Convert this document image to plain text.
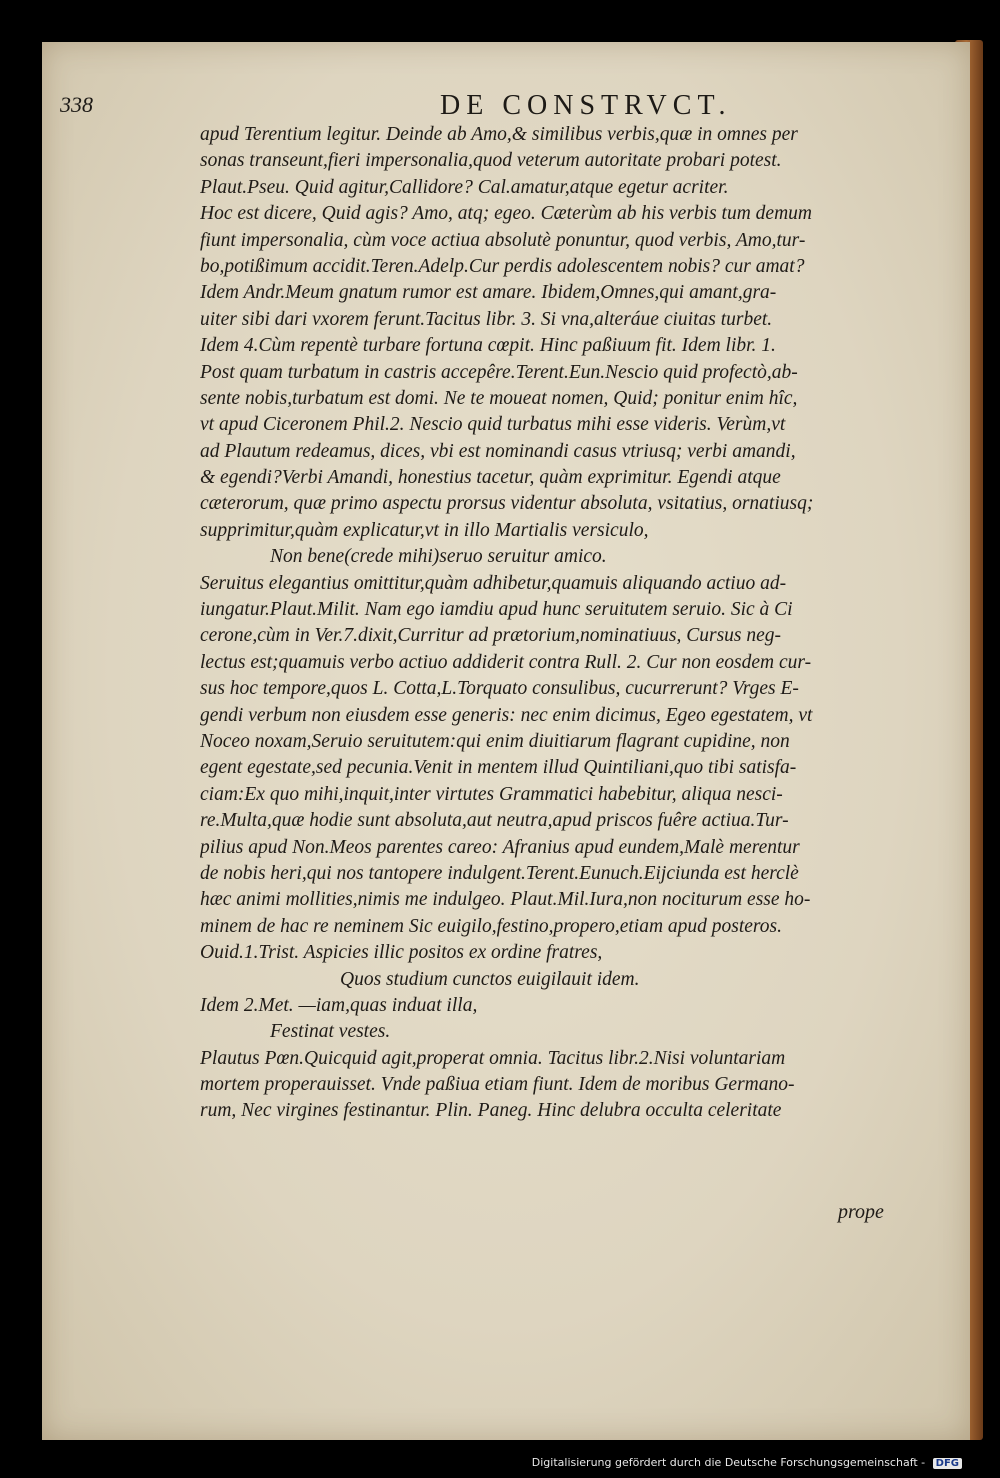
338	DE CONSTRVCT.
apud Terentium legitur. Deinde ab Amo,& similibus verbis,quæ in omnes per
sonas transeunt,fieri impersonalia,quod veterum autoritate probari potest.
Plaut.Pseu. Quid agitur,Callidore? Cal.amatur,atque egetur acriter.
Hoc est dicere, Quid agis? Amo, atq; egeo. Cæterùm ab his verbis tum demum
fiunt impersonalia, cùm voce actiua absolutè ponuntur, quod verbis, Amo,tur-
bo,potißimum accidit.Teren.Adelp.Cur perdis adolescentem nobis? cur amat?
Idem Andr.Meum gnatum rumor est amare. Ibidem,Omnes,qui amant,gra-
uiter sibi dari vxorem ferunt.Tacitus libr. 3. Si vna,alteráue ciuitas turbet.
Idem 4.Cùm repentè turbare fortuna cœpit. Hinc paßiuum fit. Idem libr. 1.
Post quam turbatum in castris accepêre.Terent.Eun.Nescio quid profectò,ab-
sente nobis,turbatum est domi. Ne te moueat nomen, Quid; ponitur enim hîc,
vt apud Ciceronem Phil.2. Nescio quid turbatus mihi esse videris. Verùm,vt
ad Plautum redeamus, dices, vbi est nominandi casus vtriusq; verbi amandi,
& egendi?Verbi Amandi, honestius tacetur, quàm exprimitur. Egendi atque
cæterorum, quæ primo aspectu prorsus videntur absoluta, vsitatius, ornatiusq;
supprimitur,quàm explicatur,vt in illo Martialis versiculo,
Non bene(crede mihi)seruo seruitur amico.
Seruitus elegantius omittitur,quàm adhibetur,quamuis aliquando actiuo ad-
iungatur.Plaut.Milit. Nam ego iamdiu apud hunc seruitutem seruio. Sic à Ci
cerone,cùm in Ver.7.dixit,Curritur ad prætorium,nominatiuus, Cursus neg-
lectus est;quamuis verbo actiuo addiderit contra Rull. 2. Cur non eosdem cur-
sus hoc tempore,quos L. Cotta,L.Torquato consulibus, cucurrerunt? Vrges E-
gendi verbum non eiusdem esse generis: nec enim dicimus, Egeo egestatem, vt
Noceo noxam,Seruio seruitutem:qui enim diuitiarum flagrant cupidine, non
egent egestate,sed pecunia.Venit in mentem illud Quintiliani,quo tibi satisfa-
ciam:Ex quo mihi,inquit,inter virtutes Grammatici habebitur, aliqua nesci-
re.Multa,quæ hodie sunt absoluta,aut neutra,apud priscos fuêre actiua.Tur-
pilius apud Non.Meos parentes careo: Afranius apud eundem,Malè merentur
de nobis heri,qui nos tantopere indulgent.Terent.Eunuch.Eijciunda est herclè
hæc animi mollities,nimis me indulgeo. Plaut.Mil.Iura,non nociturum esse ho-
minem de hac re neminem Sic euigilo,festino,propero,etiam apud posteros.
Ouid.1.Trist. Aspicies illic positos ex ordine fratres,
Quos studium cunctos euigilauit idem.
Idem 2.Met. —iam,quas induat illa,
Festinat vestes.
Plautus Pœn.Quicquid agit,properat omnia. Tacitus libr.2.Nisi voluntariam
mortem properauisset. Vnde paßiua etiam fiunt. Idem de moribus Germano-
rum, Nec virgines festinantur. Plin. Paneg. Hinc delubra occulta celeritate
prope
Digitalisierung gefördert durch die Deutsche Forschungsgemeinschaft - DFG
